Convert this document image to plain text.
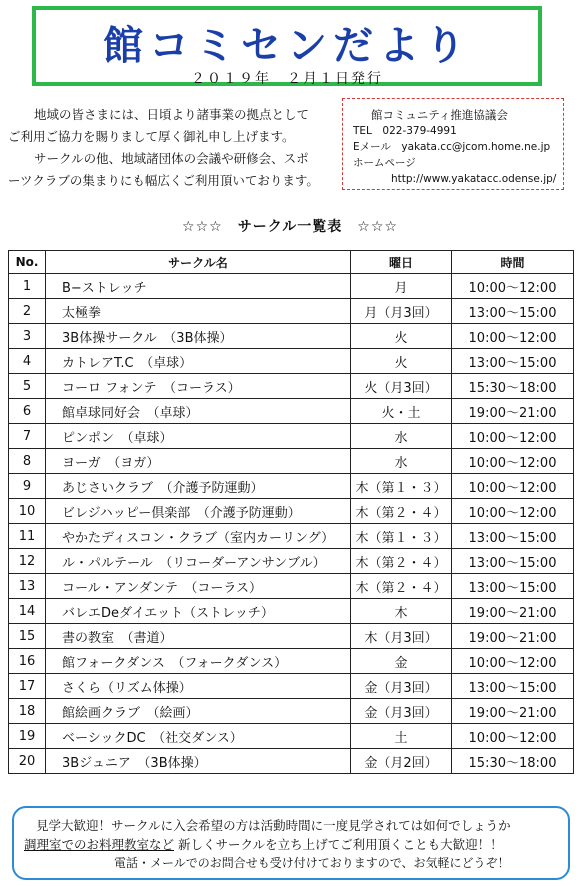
館コミセンだより
２０１９年　２月１日発行

地域の皆さまには、日頃より諸事業の拠点として

ご利用ご協力を賜りまして厚く御礼申し上げます。

サークルの他、地域諸団体の会議や研修会、スポ

ーツクラブの集まりにも幅広くご利用頂いております。

館コミュニティ推進協議会
TEL　022-379-4991
Eメール　yakata.cc@jcom.home.ne.jp
ホームページ
http://www.yakatacc.odense.jp/
☆☆☆　サークル一覧表　☆☆☆
No.	サークル名	曜日	時間
1	B−ストレッチ	月	10:00〜12:00
2	太極拳	月（月3回）	13:00〜15:00
3	3B体操サークル　（3B体操）	火	10:00〜12:00
4	カトレアT.C　（卓球）	火	13:00〜15:00
5	コーロ フォンテ　（コーラス）	火（月3回）	15:30〜18:00
6	館卓球同好会　（卓球）	火・土	19:00〜21:00
7	ピンポン　（卓球）	水	10:00〜12:00
8	ヨーガ　（ヨガ）	水	10:00〜12:00
9	あじさいクラブ　（介護予防運動）	木（第１・３）	10:00〜12:00
10	ビレジハッピー倶楽部　（介護予防運動）	木（第２・４）	10:00〜12:00
11	やかたディスコン・クラブ（室内カーリング）	木（第１・３）	13:00〜15:00
12	ル・パルテール　（リコーダーアンサンブル）	木（第２・４）	13:00〜15:00
13	コール・アンダンテ　（コーラス）	木（第２・４）	13:00〜15:00
14	バレエDeダイエット（ストレッチ）	木	19:00〜21:00
15	書の教室　（書道）	木（月3回）	19:00〜21:00
16	館フォークダンス　（フォークダンス）	金	10:00〜12:00
17	さくら（リズム体操）	金（月3回）	13:00〜15:00
18	館絵画クラブ　（絵画）	金（月3回）	19:00〜21:00
19	ベーシックDC　（社交ダンス）	土	10:00〜12:00
20	3Bジュニア　（3B体操）	金（月2回）	15:30〜18:00
見学大歓迎！サークルに入会希望の方は活動時間に一度見学されては如何でしょうか
調理室でのお料理教室など 新しくサークルを立ち上げてご利用頂くことも大歓迎！！
電話・メールでのお問合せも受け付けておりますので、お気軽にどうぞ！
